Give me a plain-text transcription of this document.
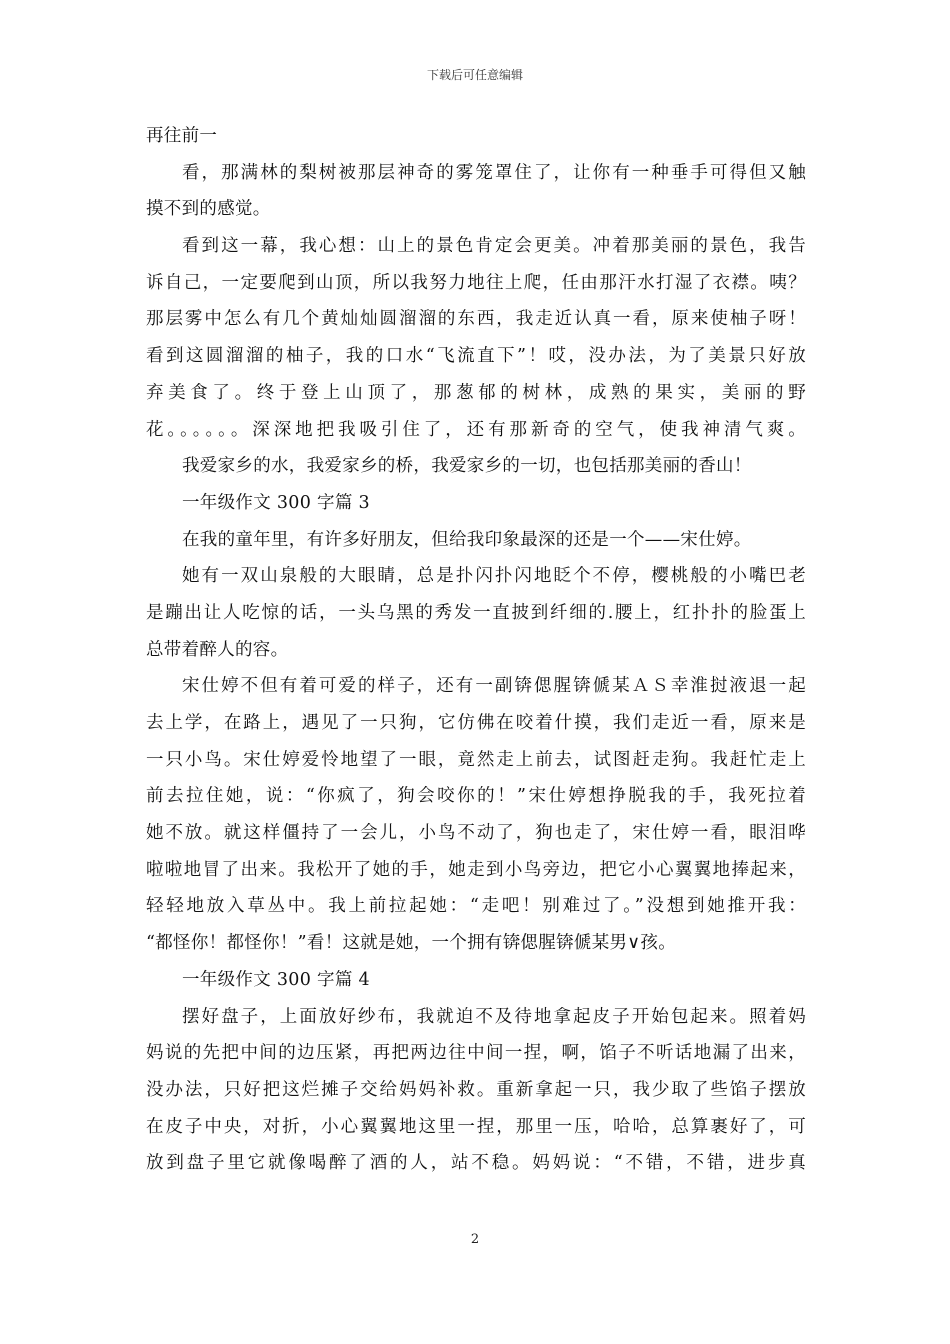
下载后可任意编辑
再往前一
看，那满林的梨树被那层神奇的雾笼罩住了，让你有一种垂手可得但又触
摸不到的感觉。
看到这一幕，我心想：山上的景色肯定会更美。冲着那美丽的景色，我告
诉自己，一定要爬到山顶，所以我努力地往上爬，任由那汗水打湿了衣襟。咦？
那层雾中怎么有几个黄灿灿圆溜溜的东西，我走近认真一看，原来使柚子呀！
看到这圆溜溜的柚子，我的口水“飞流直下”！哎，没办法，为了美景只好放
弃美食了。终于登上山顶了，那葱郁的树林，成熟的果实，美丽的野
花。。。。。。深深地把我吸引住了，还有那新奇的空气，使我神清气爽。
我爱家乡的水，我爱家乡的桥，我爱家乡的一切，也包括那美丽的香山！
一年级作文 300 字篇 3
在我的童年里，有许多好朋友，但给我印象最深的还是一个——宋仕婷。
她有一双山泉般的大眼睛，总是扑闪扑闪地眨个不停，樱桃般的小嘴巴老
是蹦出让人吃惊的话，一头乌黑的秀发一直披到纤细的.腰上，红扑扑的脸蛋上
总带着醉人的容。
宋仕婷不但有着可爱的样子，还有一副锛偲腥锛傂某ＡＳ幸淮挝液退一起
去上学，在路上，遇见了一只狗，它仿佛在咬着什摸，我们走近一看，原来是
一只小鸟。宋仕婷爱怜地望了一眼，竟然走上前去，试图赶走狗。我赶忙走上
前去拉住她，说：“你疯了，狗会咬你的！”宋仕婷想挣脱我的手，我死拉着
她不放。就这样僵持了一会儿，小鸟不动了，狗也走了，宋仕婷一看，眼泪哗
啦啦地冒了出来。我松开了她的手，她走到小鸟旁边，把它小心翼翼地捧起来，
轻轻地放入草丛中。我上前拉起她：“走吧！别难过了。”没想到她推开我：
“都怪你！都怪你！”看！这就是她，一个拥有锛偲腥锛傂某男∨孩。
一年级作文 300 字篇 4
摆好盘子，上面放好纱布，我就迫不及待地拿起皮子开始包起来。照着妈
妈说的先把中间的边压紧，再把两边往中间一捏，啊，馅子不听话地漏了出来，
没办法，只好把这烂摊子交给妈妈补救。重新拿起一只，我少取了些馅子摆放
在皮子中央，对折，小心翼翼地这里一捏，那里一压，哈哈，总算裹好了，可
放到盘子里它就像喝醉了酒的人，站不稳。妈妈说：“不错，不错，进步真
2
